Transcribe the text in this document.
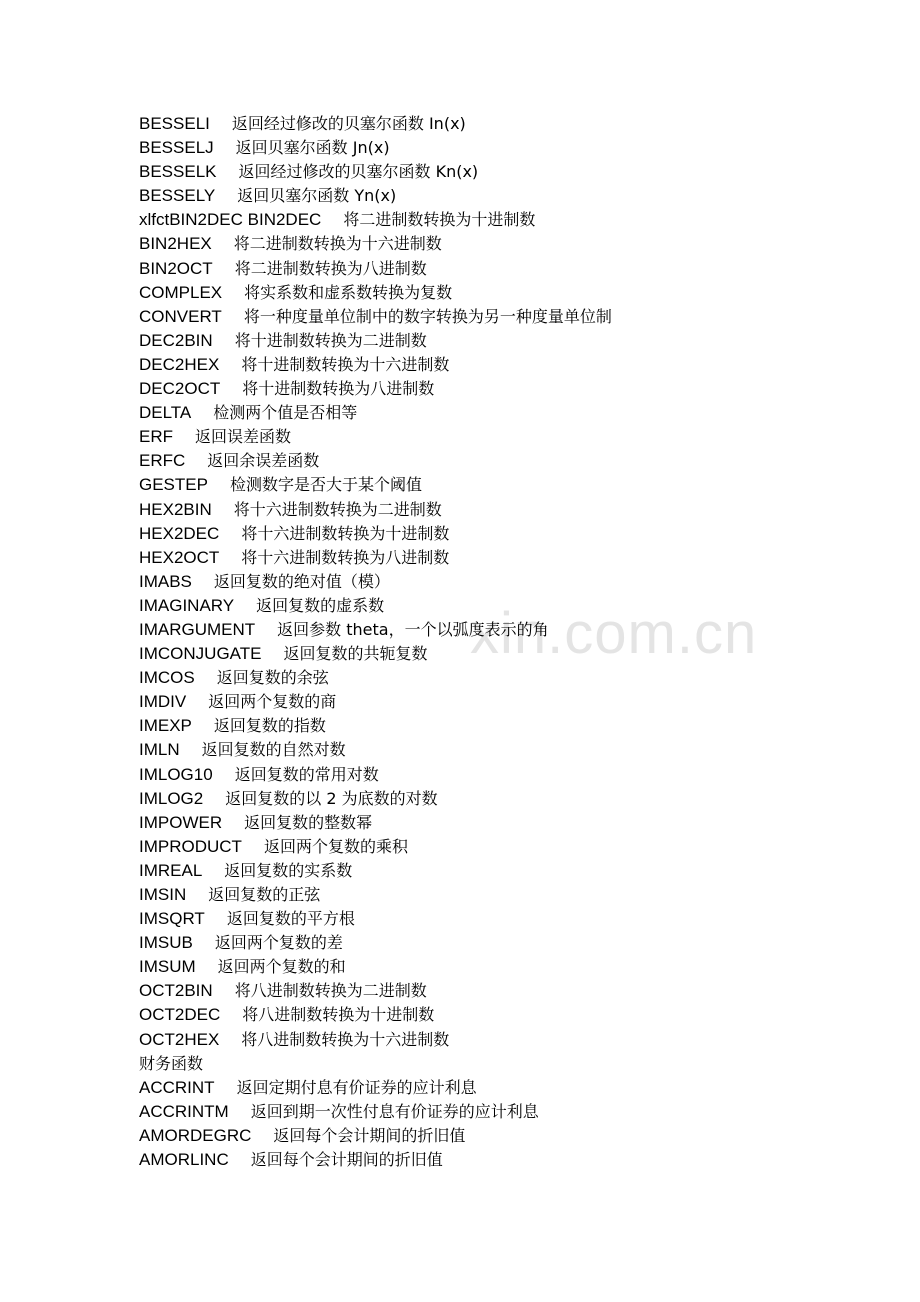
xin.com.cn
BESSELI 返回经过修改的贝塞尔函数 In(x)
BESSELJ 返回贝塞尔函数 Jn(x)
BESSELK 返回经过修改的贝塞尔函数 Kn(x)
BESSELY 返回贝塞尔函数 Yn(x)
xlfctBIN2DEC BIN2DEC 将二进制数转换为十进制数
BIN2HEX 将二进制数转换为十六进制数
BIN2OCT 将二进制数转换为八进制数
COMPLEX 将实系数和虚系数转换为复数
CONVERT 将一种度量单位制中的数字转换为另一种度量单位制
DEC2BIN 将十进制数转换为二进制数
DEC2HEX 将十进制数转换为十六进制数
DEC2OCT 将十进制数转换为八进制数
DELTA 检测两个值是否相等
ERF 返回误差函数
ERFC 返回余误差函数
GESTEP 检测数字是否大于某个阈值
HEX2BIN 将十六进制数转换为二进制数
HEX2DEC 将十六进制数转换为十进制数
HEX2OCT 将十六进制数转换为八进制数
IMABS 返回复数的绝对值（模）
IMAGINARY 返回复数的虚系数
IMARGUMENT 返回参数 theta，一个以弧度表示的角
IMCONJUGATE 返回复数的共轭复数
IMCOS 返回复数的余弦
IMDIV 返回两个复数的商
IMEXP 返回复数的指数
IMLN 返回复数的自然对数
IMLOG10 返回复数的常用对数
IMLOG2 返回复数的以 2 为底数的对数
IMPOWER 返回复数的整数幂
IMPRODUCT 返回两个复数的乘积
IMREAL 返回复数的实系数
IMSIN 返回复数的正弦
IMSQRT 返回复数的平方根
IMSUB 返回两个复数的差
IMSUM 返回两个复数的和
OCT2BIN 将八进制数转换为二进制数
OCT2DEC 将八进制数转换为十进制数
OCT2HEX 将八进制数转换为十六进制数
财务函数
ACCRINT 返回定期付息有价证券的应计利息
ACCRINTM 返回到期一次性付息有价证券的应计利息
AMORDEGRC 返回每个会计期间的折旧值
AMORLINC 返回每个会计期间的折旧值
